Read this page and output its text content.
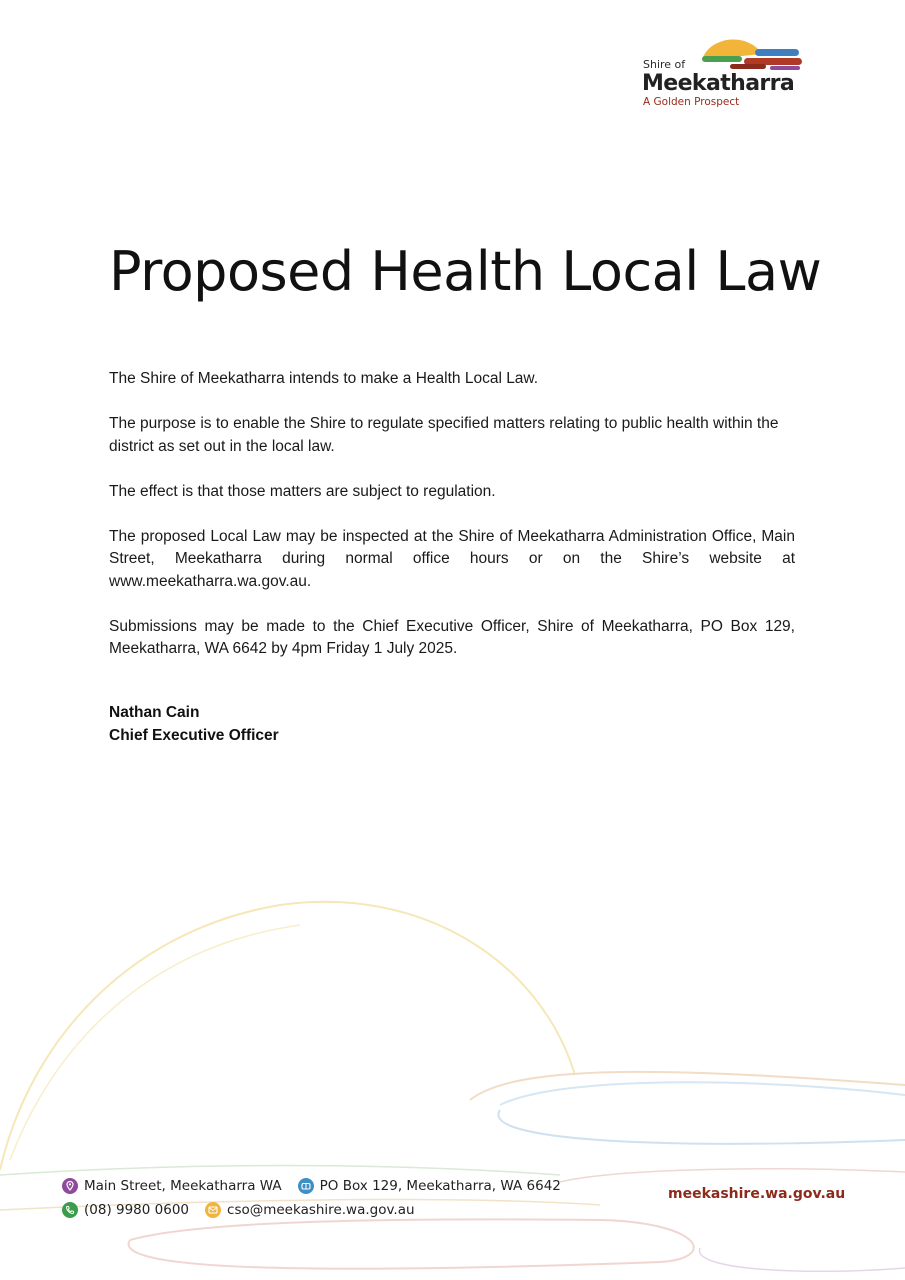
Shire of
Meekatharra
A Golden Prospect
Proposed Health Local Law

The Shire of Meekatharra intends to make a Health Local Law.

The purpose is to enable the Shire to regulate specified matters relating to public health within the district as set out in the local law.

The effect is that those matters are subject to regulation.

The proposed Local Law may be inspected at the Shire of Meekatharra Administration Office, Main Street, Meekatharra during normal office hours or on the Shire’s website at www.meekatharra.wa.gov.au.

Submissions may be made to the Chief Executive Officer, Shire of Meekatharra, PO Box 129, Meekatharra, WA 6642 by 4pm Friday 1 July 2025.

Nathan Cain
Chief Executive Officer
Main Street, Meekatharra WA	PO Box 129, Meekatharra, WA 6642
(08) 9980 0600	cso@meekashire.wa.gov.au
meekashire.wa.gov.au
